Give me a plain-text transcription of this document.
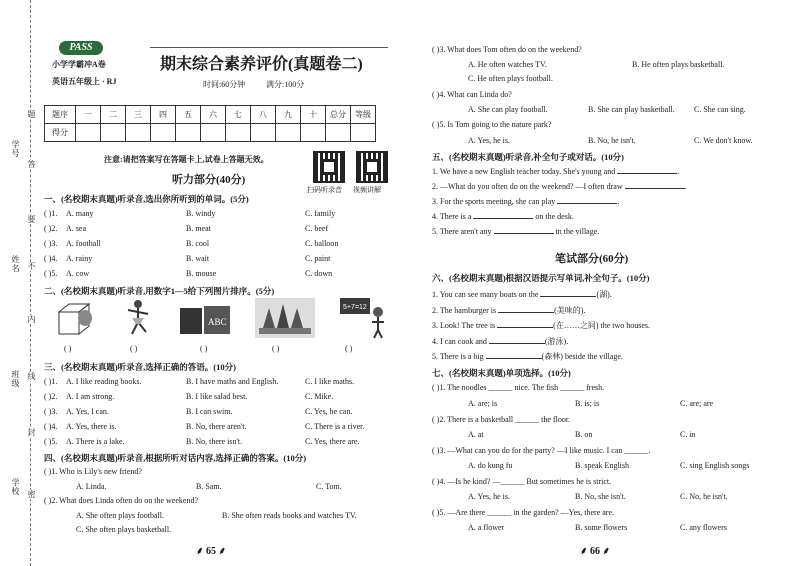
学号
姓名
班级
学校
题
答
要
不
内
线
封
密
PASS
小学学霸冲A卷
英语五年级上 · RJ
期末综合素养评价(真题卷二)
时间:60分钟	满分:100分
题序	一	二	三	四	五	六	七	八	九	十	总分	等级
得分												
注意:请把答案写在答题卡上,试卷上答题无效。
扫码听录音 视频讲解
听力部分(40分)
一、(名校期末真题)听录音,选出你所听到的单词。(5分)
( )1. A. many	B. windy	C. family
( )2. A. sea	B. meat	C. beef
( )3. A. football	B. cool	C. balloon
( )4. A. rainy	B. wait	C. paint
( )5. A. cow	B. mouse	C. down
二、(名校期末真题)听录音,用数字1—5给下列图片排序。(5分)
ABC
5+7=12
( )	( )	( )	( )	( )
三、(名校期末真题)听录音,选择正确的答语。(10分)
( )1. A. I like reading books.	B. I have maths and English.	C. I like maths.
( )2. A. I am strong.	B. I like salad best.	C. Mike.
( )3. A. Yes, I can.	B. I can swim.	C. Yes, he can.
( )4. A. Yes, there is.	B. No, there aren't.	C. There is a river.
( )5. A. There is a lake.	B. No, there isn't.	C. Yes, there are.
四、(名校期末真题)听录音,根据所听对话内容,选择正确的答案。(10分)
( )1. Who is Lily's new friend?
A. Linda.	B. Sam.	C. Tom.
( )2. What does Linda often do on the weekend?
A. She often plays football.	B. She often reads books and watches TV.
C. She often plays basketball.
⸙ 65 ⸙
( )3. What does Tom often do on the weekend?
A. He often watches TV.	B. He often plays basketball.
C. He often plays football.
( )4. What can Linda do?
A. She can play football.	B. She can play basketball. C. She can sing.
( )5. Is Tom going to the nature park?
A. Yes, he is.	B. No, he isn't.	C. We don't know.
五、(名校期末真题)听录音,补全句子或对话。(10分)
1. We have a new English teacher today. She's young and	.
2. —What do you often do on the weekend? —I often draw	.
3. For the sports meeting, she can play	.
4. There is a	on the desk.
5. There aren't any	in the village.
笔试部分(60分)
六、(名校期末真题)根据汉语提示写单词,补全句子。(10分)
1. You can see many boats on the	(湖).
2. The hamburger is	(美味的).
3. Look! The tree is	(在……之间) the two houses.
4. I can cook and	(游泳).
5. There is a big	(森林) beside the village.
七、(名校期末真题)单项选择。(10分)
( )1. The noodles ______ nice. The fish ______ fresh.
A. are; is	B. is; is	C. are; are
( )2. There is a basketball ______ the floor.
A. at	B. on	C. in
( )3. —What can you do for the party? —I like music. I can ______.
A. do kung fu	B. speak English	C. sing English songs
( )4. —Is he kind? —______ But sometimes he is strict.
A. Yes, he is.	B. No, she isn't.	C. No, he isn't.
( )5. —Are there ______ in the garden? —Yes, there are.
A. a flower	B. some flowers	C. any flowers
⸙ 66 ⸙
